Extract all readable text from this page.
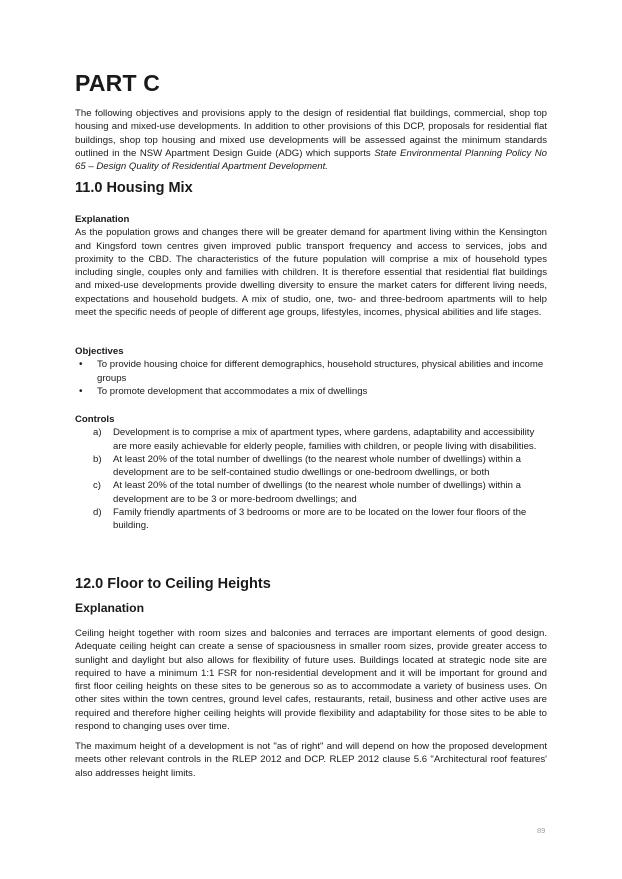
PART C

The following objectives and provisions apply to the design of residential flat buildings, commercial, shop top housing and mixed-use developments. In addition to other provisions of this DCP, proposals for residential flat buildings, shop top housing and mixed use developments will be assessed against the minimum standards outlined in the NSW Apartment Design Guide (ADG) which supports State Environmental Planning Policy No 65 – Design Quality of Residential Apartment Development.

11.0 Housing Mix
Explanation

As the population grows and changes there will be greater demand for apartment living within the Kensington and Kingsford town centres given improved public transport frequency and access to services, jobs and proximity to the CBD. The characteristics of the future population will comprise a mix of household types including single, couples only and families with children. It is therefore essential that residential flat buildings and mixed-use developments provide dwelling diversity to ensure the market caters for different living needs, expectations and household budgets. A mix of studio, one, two- and three-bedroom apartments will to help meet the specific needs of people of different age groups, lifestyles, incomes, physical abilities and life stages.

Objectives
• To provide housing choice for different demographics, household structures, physical abilities and income groups
• To promote development that accommodates a mix of dwellings
Controls
a) Development is to comprise a mix of apartment types, where gardens, adaptability and accessibility are more easily achievable for elderly people, families with children, or people living with disabilities.
b) At least 20% of the total number of dwellings (to the nearest whole number of dwellings) within a development are to be self-contained studio dwellings or one-bedroom dwellings, or both
c) At least 20% of the total number of dwellings (to the nearest whole number of dwellings) within a development are to be 3 or more-bedroom dwellings; and
d) Family friendly apartments of 3 bedrooms or more are to be located on the lower four floors of the building.
12.0 Floor to Ceiling Heights
Explanation

Ceiling height together with room sizes and balconies and terraces are important elements of good design. Adequate ceiling height can create a sense of spaciousness in smaller room sizes, provide greater access to sunlight and daylight but also allows for flexibility of future uses. Buildings located at strategic node site are required to have a minimum 1:1 FSR for non-residential development and it will be important for ground and first floor ceiling heights on these sites to be generous so as to accommodate a variety of business uses. On other sites within the town centres, ground level cafes, restaurants, retail, business and other active uses are required and therefore higher ceiling heights will provide flexibility and adaptability for those sites to be able to respond to changing uses over time.

The maximum height of a development is not "as of right" and will depend on how the proposed development meets other relevant controls in the RLEP 2012 and DCP. RLEP 2012 clause 5.6 "Architectural roof features' also addresses height limits.

89
